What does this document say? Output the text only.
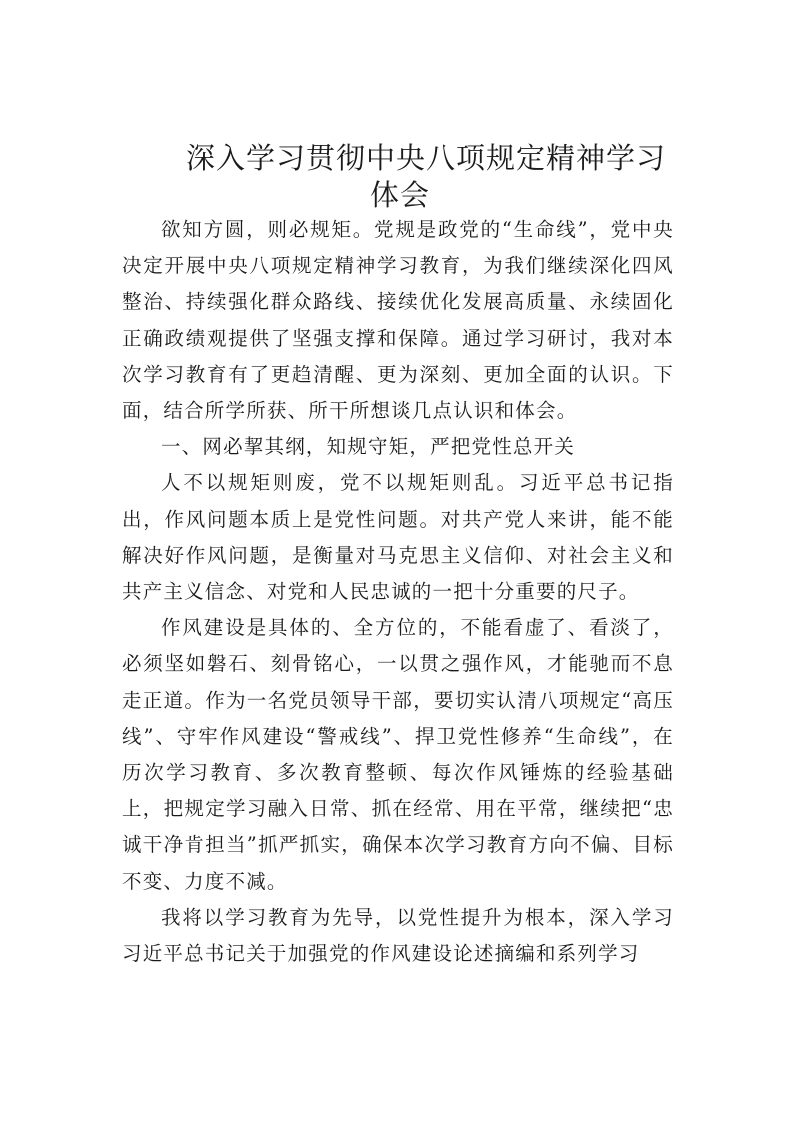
深入学习贯彻中央八项规定精神学习
体会

欲知方圆，则必规矩。党规是政党的“生命线”，党中央决定开展中央八项规定精神学习教育，为我们继续深化四风整治、持续强化群众路线、接续优化发展高质量、永续固化正确政绩观提供了坚强支撑和保障。通过学习研讨，我对本次学习教育有了更趋清醒、更为深刻、更加全面的认识。下面，结合所学所获、所干所想谈几点认识和体会。

一、网必挈其纲，知规守矩，严把党性总开关

人不以规矩则废，党不以规矩则乱。习近平总书记指出，作风问题本质上是党性问题。对共产党人来讲，能不能解决好作风问题，是衡量对马克思主义信仰、对社会主义和共产主义信念、对党和人民忠诚的一把十分重要的尺子。

作风建设是具体的、全方位的，不能看虚了、看淡了，必须坚如磐石、刻骨铭心，一以贯之强作风，才能驰而不息走正道。作为一名党员领导干部，要切实认清八项规定“高压线”、守牢作风建设“警戒线”、捍卫党性修养“生命线”，在历次学习教育、多次教育整顿、每次作风锤炼的经验基础上，把规定学习融入日常、抓在经常、用在平常，继续把“忠诚干净肯担当”抓严抓实，确保本次学习教育方向不偏、目标不变、力度不减。

我将以学习教育为先导，以党性提升为根本，深入学习习近平总书记关于加强党的作风建设论述摘编和系列学习
